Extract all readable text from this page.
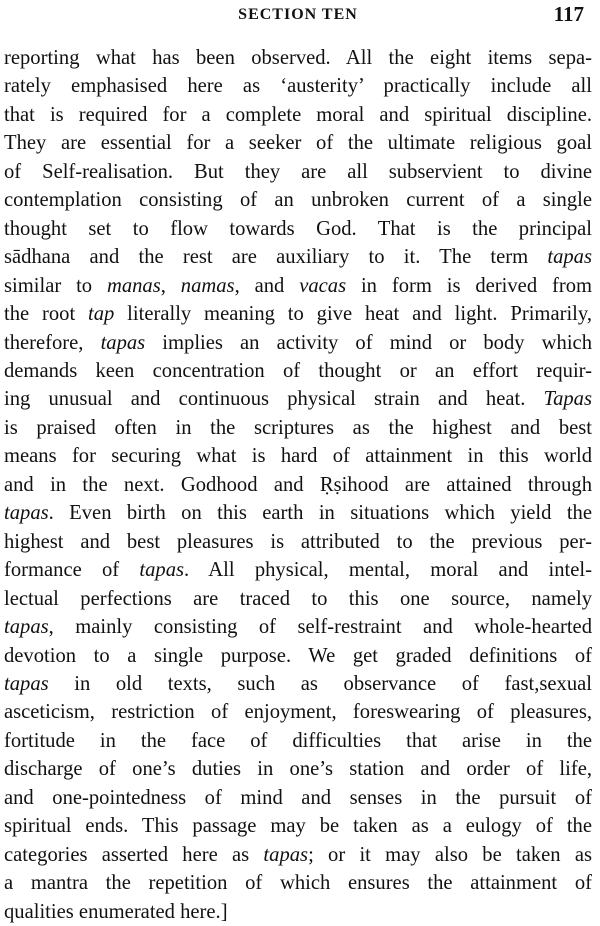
SECTION TEN	117
reporting what has been observed. All the eight items sepa-
rately emphasised here as ‘austerity’ practically include all
that is required for a complete moral and spiritual discipline.
They are essential for a seeker of the ultimate religious goal
of Self-realisation. But they are all subservient to divine
contemplation consisting of an unbroken current of a single
thought set to flow towards God. That is the principal
sādhana and the rest are auxiliary to it. The term tapas
similar to manas, namas, and vacas in form is derived from
the root tap literally meaning to give heat and light. Primarily,
therefore, tapas implies an activity of mind or body which
demands keen concentration of thought or an effort requir-
ing unusual and continuous physical strain and heat. Tapas
is praised often in the scriptures as the highest and best
means for securing what is hard of attainment in this world
and in the next. Godhood and Ṛṣihood are attained through
tapas. Even birth on this earth in situations which yield the
highest and best pleasures is attributed to the previous per-
formance of tapas. All physical, mental, moral and intel-
lectual perfections are traced to this one source, namely
tapas, mainly consisting of self-restraint and whole-hearted
devotion to a single purpose. We get graded definitions of
tapas in old texts, such as observance of fast,sexual
asceticism, restriction of enjoyment, foreswearing of pleasures,
fortitude in the face of difficulties that arise in the
discharge of one’s duties in one’s station and order of life,
and one-pointedness of mind and senses in the pursuit of
spiritual ends. This passage may be taken as a eulogy of the
categories asserted here as tapas; or it may also be taken as
a mantra the repetition of which ensures the attainment of
qualities enumerated here.]
